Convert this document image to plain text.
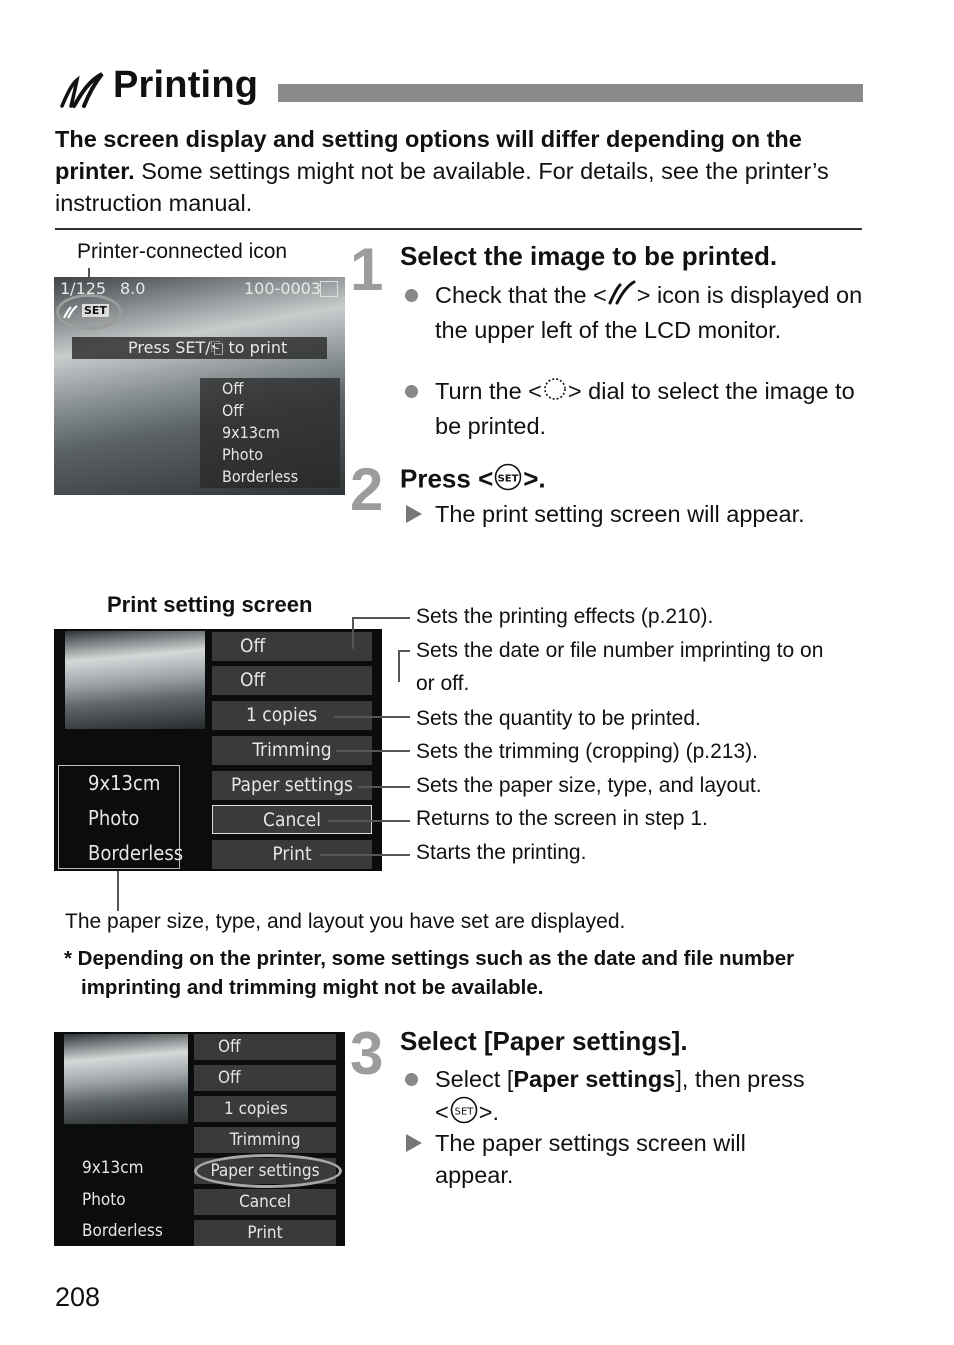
Printing
The screen display and setting options will differ depending on the printer. Some settings might not be available. For details, see the printer’s instruction manual.
Printer-connected icon
1/125 8.0	100-0003
SET
Press SET/⎗ to print
Off
Off
9x13cm
Photo
Borderless
1 Select the image to be printed.
Check that the < > icon is displayed on the upper left of the LCD monitor.
Turn the < > dial to select the image to be printed.
2 Press < SET >.
The print setting screen will appear.
Print setting screen
9x13cm
Photo
Borderless
Off
Off
1 copies
Trimming
Paper settings
Cancel
Print
Sets the printing effects (p.210).
Sets the date or file number imprinting to on
or off.
Sets the quantity to be printed.
Sets the trimming (cropping) (p.213).
Sets the paper size, type, and layout.
Returns to the screen in step 1.
Starts the printing.
The paper size, type, and layout you have set are displayed.
* Depending on the printer, some settings such as the date and file number
imprinting and trimming might not be available.
9x13cm
Photo
Borderless
Off
Off
1 copies
Trimming
Paper settings
Cancel
Print
3 Select [Paper settings].
Select [Paper settings], then press
< SET >.
The paper settings screen will
appear.
208
